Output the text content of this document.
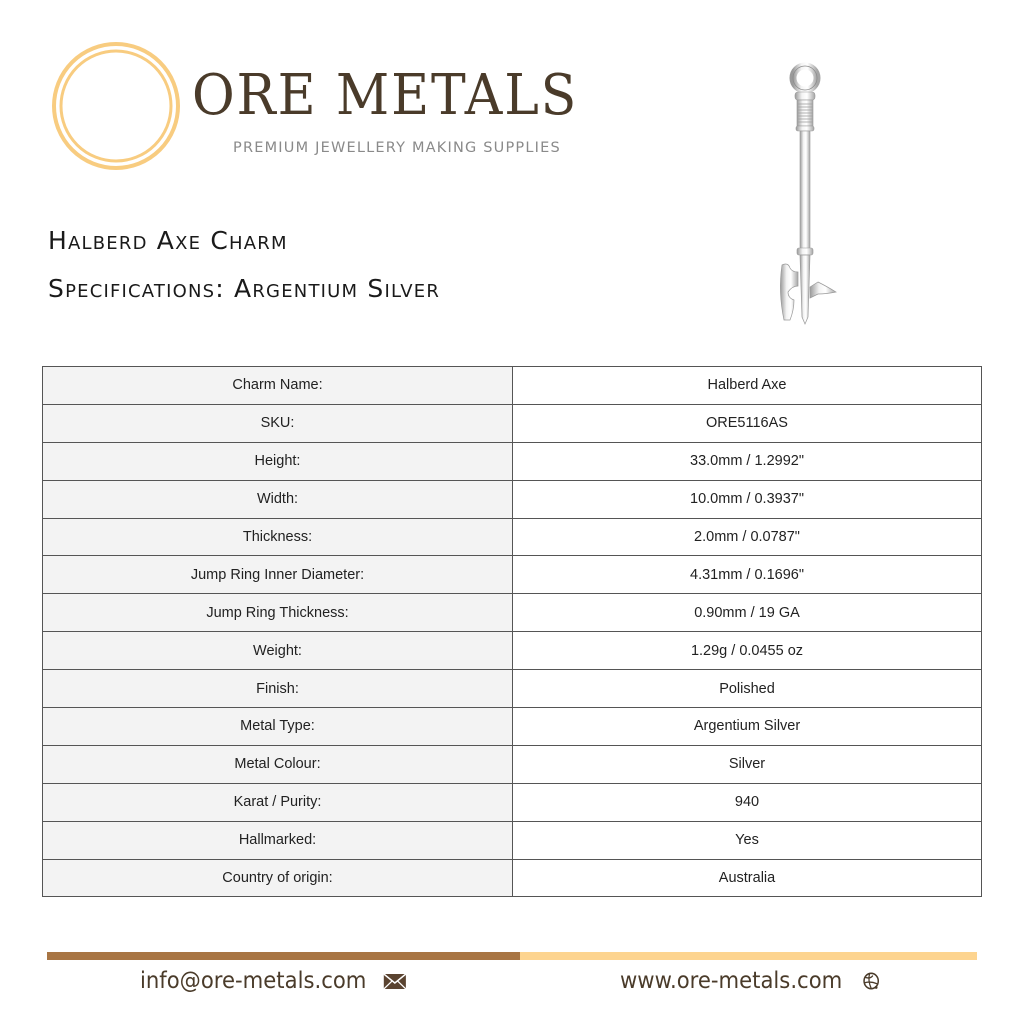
ORE METALS
PREMIUM JEWELLERY MAKING SUPPLIES
Halberd Axe Charm
Specifications: Argentium Silver
Charm Name:	Halberd Axe
SKU:	ORE5116AS
Height:	33.0mm / 1.2992"
Width:	10.0mm / 0.3937"
Thickness:	2.0mm / 0.0787"
Jump Ring Inner Diameter:	4.31mm / 0.1696"
Jump Ring Thickness:	0.90mm / 19 GA
Weight:	1.29g / 0.0455 oz
Finish:	Polished
Metal Type:	Argentium Silver
Metal Colour:	Silver
Karat / Purity:	940
Hallmarked:	Yes
Country of origin:	Australia
info@ore-metals.com	www.ore-metals.com
